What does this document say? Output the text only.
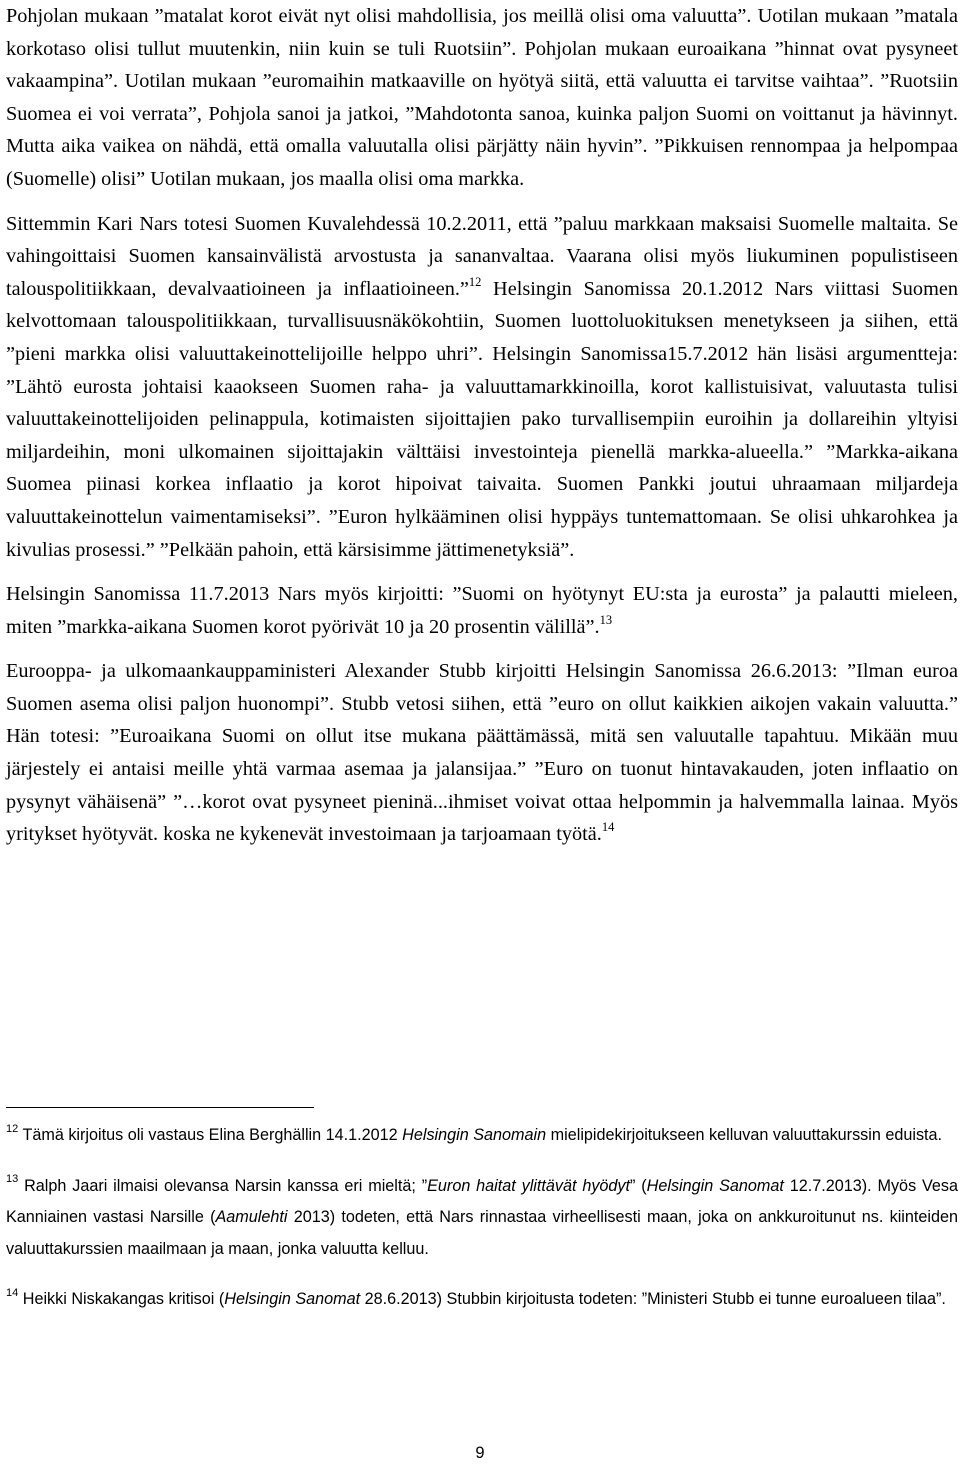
Pohjolan mukaan ”matalat korot eivät nyt olisi mahdollisia, jos meillä olisi oma valuutta”. Uotilan mukaan ”matala korkotaso olisi tullut muutenkin, niin kuin se tuli Ruotsiin”. Pohjolan mukaan euroaikana ”hinnat ovat pysyneet vakaampina”. Uotilan mukaan ”euromaihin matkaaville on hyötyä siitä, että valuutta ei tarvitse vaihtaa”. ”Ruotsiin Suomea ei voi verrata”, Pohjola sanoi ja jatkoi, ”Mahdotonta sanoa, kuinka paljon Suomi on voittanut ja hävinnyt. Mutta aika vaikea on nähdä, että omalla valuutalla olisi pärjätty näin hyvin”. ”Pikkuisen rennompaa ja helpompaa (Suomelle) olisi” Uotilan mukaan, jos maalla olisi oma markka.

Sittemmin Kari Nars totesi Suomen Kuvalehdessä 10.2.2011, että ”paluu markkaan maksaisi Suomelle maltaita. Se vahingoittaisi Suomen kansainvälistä arvostusta ja sananvaltaa. Vaarana olisi myös liukuminen populistiseen talouspolitiikkaan, devalvaatioineen ja inflaatioineen.”$^{12}$ Helsingin Sanomissa 20.1.2012 Nars viittasi Suomen kelvottomaan talouspolitiikkaan, turvallisuusnäkökohtiin, Suomen luottoluokituksen menetykseen ja siihen, että ”pieni markka olisi valuuttakeinottelijoille helppo uhri”. Helsingin Sanomissa15.7.2012 hän lisäsi argumentteja: ”Lähtö eurosta johtaisi kaaokseen Suomen raha- ja valuuttamarkkinoilla, korot kallistuisivat, valuutasta tulisi valuuttakeinottelijoiden pelinappula, kotimaisten sijoittajien pako turvallisempiin euroihin ja dollareihin yltyisi miljardeihin, moni ulkomainen sijoittajakin välttäisi investointeja pienellä markka-alueella.” ”Markka-aikana Suomea piinasi korkea inflaatio ja korot hipoivat taivaita. Suomen Pankki joutui uhraamaan miljardeja valuuttakeinottelun vaimentamiseksi”. ”Euron hylkääminen olisi hyppäys tuntemattomaan. Se olisi uhkarohkea ja kivulias prosessi.” ”Pelkään pahoin, että kärsisimme jättimenetyksiä”.

Helsingin Sanomissa 11.7.2013 Nars myös kirjoitti: ”Suomi on hyötynyt EU:sta ja eurosta” ja palautti mieleen, miten ”markka-aikana Suomen korot pyörivät 10 ja 20 prosentin välillä”.$^{13}$

Eurooppa- ja ulkomaankauppaministeri Alexander Stubb kirjoitti Helsingin Sanomissa 26.6.2013: ”Ilman euroa Suomen asema olisi paljon huonompi”. Stubb vetosi siihen, että ”euro on ollut kaikkien aikojen vakain valuutta.” Hän totesi: ”Euroaikana Suomi on ollut itse mukana päättämässä, mitä sen valuutalle tapahtuu. Mikään muu järjestely ei antaisi meille yhtä varmaa asemaa ja jalansijaa.” ”Euro on tuonut hintavakauden, joten inflaatio on pysynyt vähäisenä” ”…korot ovat pysyneet pieninä...ihmiset voivat ottaa helpommin ja halvemmalla lainaa. Myös yritykset hyötyvät. koska ne kykenevät investoimaan ja tarjoamaan työtä.$^{14}$

$^{12}$ Tämä kirjoitus oli vastaus Elina Berghällin 14.1.2012 Helsingin Sanomain mielipidekirjoitukseen kelluvan valuuttakurssin eduista.

$^{13}$ Ralph Jaari ilmaisi olevansa Narsin kanssa eri mieltä; ”Euron haitat ylittävät hyödyt” (Helsingin Sanomat 12.7.2013). Myös Vesa Kanniainen vastasi Narsille (Aamulehti 2013) todeten, että Nars rinnastaa virheellisesti maan, joka on ankkuroitunut ns. kiinteiden valuuttakurssien maailmaan ja maan, jonka valuutta kelluu.

$^{14}$ Heikki Niskakangas kritisoi (Helsingin Sanomat 28.6.2013) Stubbin kirjoitusta todeten: ”Ministeri Stubb ei tunne euroalueen tilaa”.

9
